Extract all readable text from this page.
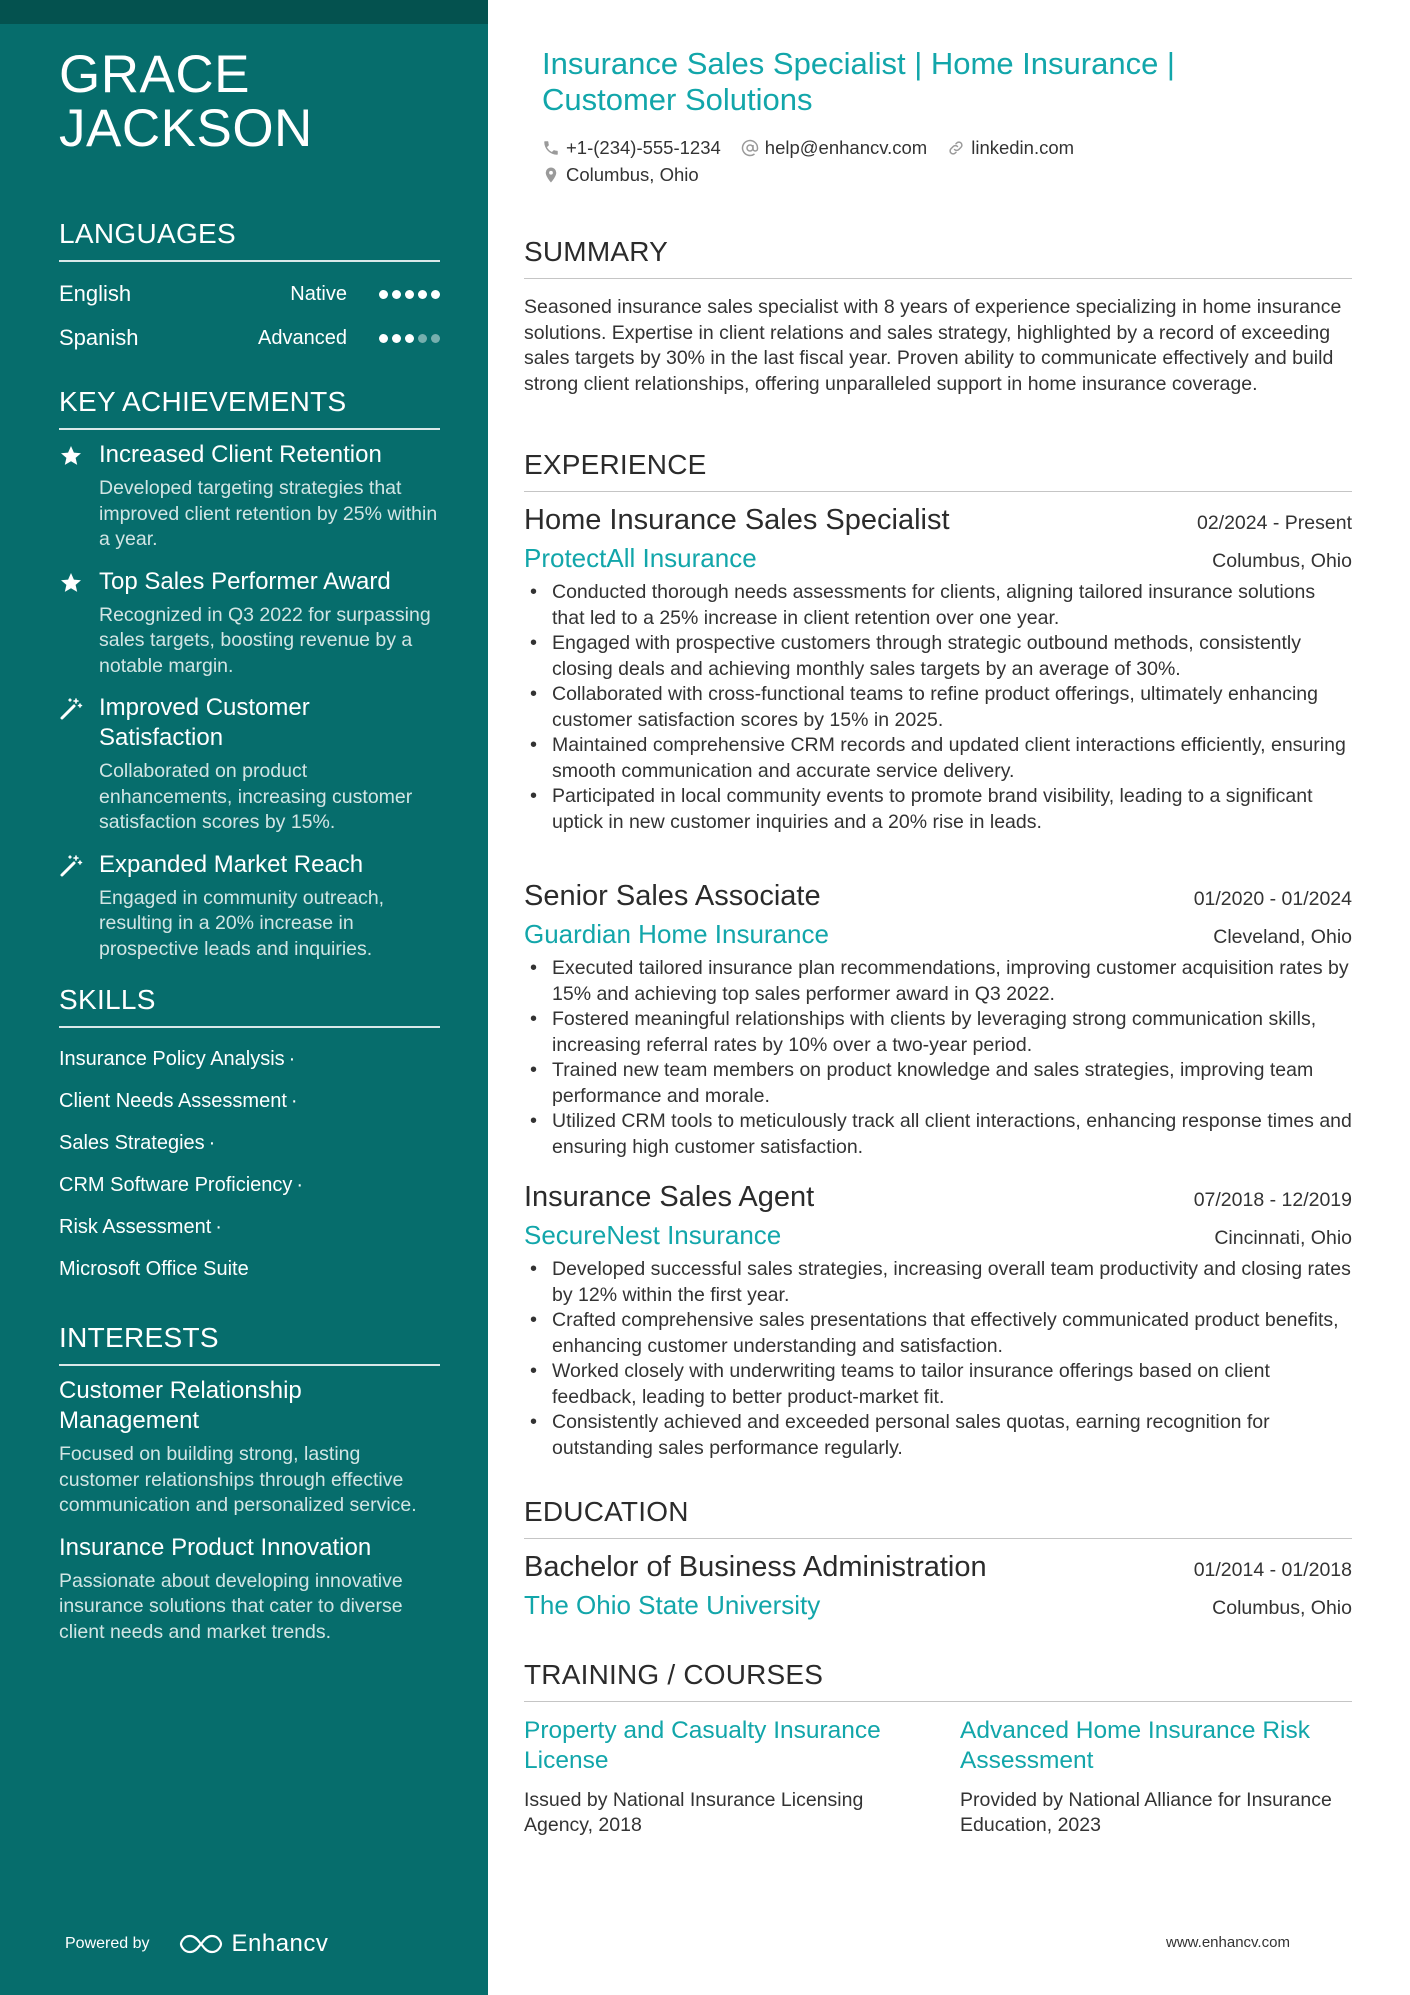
GRACE
JACKSON
LANGUAGES
English	Native
Spanish	Advanced
KEY ACHIEVEMENTS
Increased Client Retention
Developed targeting strategies that improved client retention by 25% within a year.
Top Sales Performer Award
Recognized in Q3 2022 for surpassing sales targets, boosting revenue by a notable margin.
Improved Customer Satisfaction
Collaborated on product enhancements, increasing customer satisfaction scores by 15%.
Expanded Market Reach
Engaged in community outreach, resulting in a 20% increase in prospective leads and inquiries.
SKILLS
Insurance Policy Analysis ·
Client Needs Assessment ·
Sales Strategies ·
CRM Software Proficiency ·
Risk Assessment ·
Microsoft Office Suite
INTERESTS
Customer Relationship Management
Focused on building strong, lasting customer relationships through effective communication and personalized service.
Insurance Product Innovation
Passionate about developing innovative insurance solutions that cater to diverse client needs and market trends.
Powered by	Enhancv
Insurance Sales Specialist | Home Insurance | Customer Solutions
+1-(234)-555-1234 help@enhancv.com linkedin.com
Columbus, Ohio
SUMMARY
Seasoned insurance sales specialist with 8 years of experience specializing in home insurance solutions. Expertise in client relations and sales strategy, highlighted by a record of exceeding sales targets by 30% in the last fiscal year. Proven ability to communicate effectively and build strong client relationships, offering unparalleled support in home insurance coverage.
EXPERIENCE
Home Insurance Sales Specialist	02/2024 - Present
ProtectAll Insurance	Columbus, Ohio
• Conducted thorough needs assessments for clients, aligning tailored insurance solutions that led to a 25% increase in client retention over one year.
• Engaged with prospective customers through strategic outbound methods, consistently closing deals and achieving monthly sales targets by an average of 30%.
• Collaborated with cross-functional teams to refine product offerings, ultimately enhancing customer satisfaction scores by 15% in 2025.
• Maintained comprehensive CRM records and updated client interactions efficiently, ensuring smooth communication and accurate service delivery.
• Participated in local community events to promote brand visibility, leading to a significant uptick in new customer inquiries and a 20% rise in leads.
Senior Sales Associate	01/2020 - 01/2024
Guardian Home Insurance	Cleveland, Ohio
• Executed tailored insurance plan recommendations, improving customer acquisition rates by 15% and achieving top sales performer award in Q3 2022.
• Fostered meaningful relationships with clients by leveraging strong communication skills, increasing referral rates by 10% over a two-year period.
• Trained new team members on product knowledge and sales strategies, improving team performance and morale.
• Utilized CRM tools to meticulously track all client interactions, enhancing response times and ensuring high customer satisfaction.
Insurance Sales Agent	07/2018 - 12/2019
SecureNest Insurance	Cincinnati, Ohio
• Developed successful sales strategies, increasing overall team productivity and closing rates by 12% within the first year.
• Crafted comprehensive sales presentations that effectively communicated product benefits, enhancing customer understanding and satisfaction.
• Worked closely with underwriting teams to tailor insurance offerings based on client feedback, leading to better product-market fit.
• Consistently achieved and exceeded personal sales quotas, earning recognition for outstanding sales performance regularly.
EDUCATION
Bachelor of Business Administration	01/2014 - 01/2018
The Ohio State University	Columbus, Ohio
TRAINING / COURSES
Property and Casualty Insurance License
Issued by National Insurance Licensing Agency, 2018
Advanced Home Insurance Risk Assessment
Provided by National Alliance for Insurance Education, 2023
www.enhancv.com
